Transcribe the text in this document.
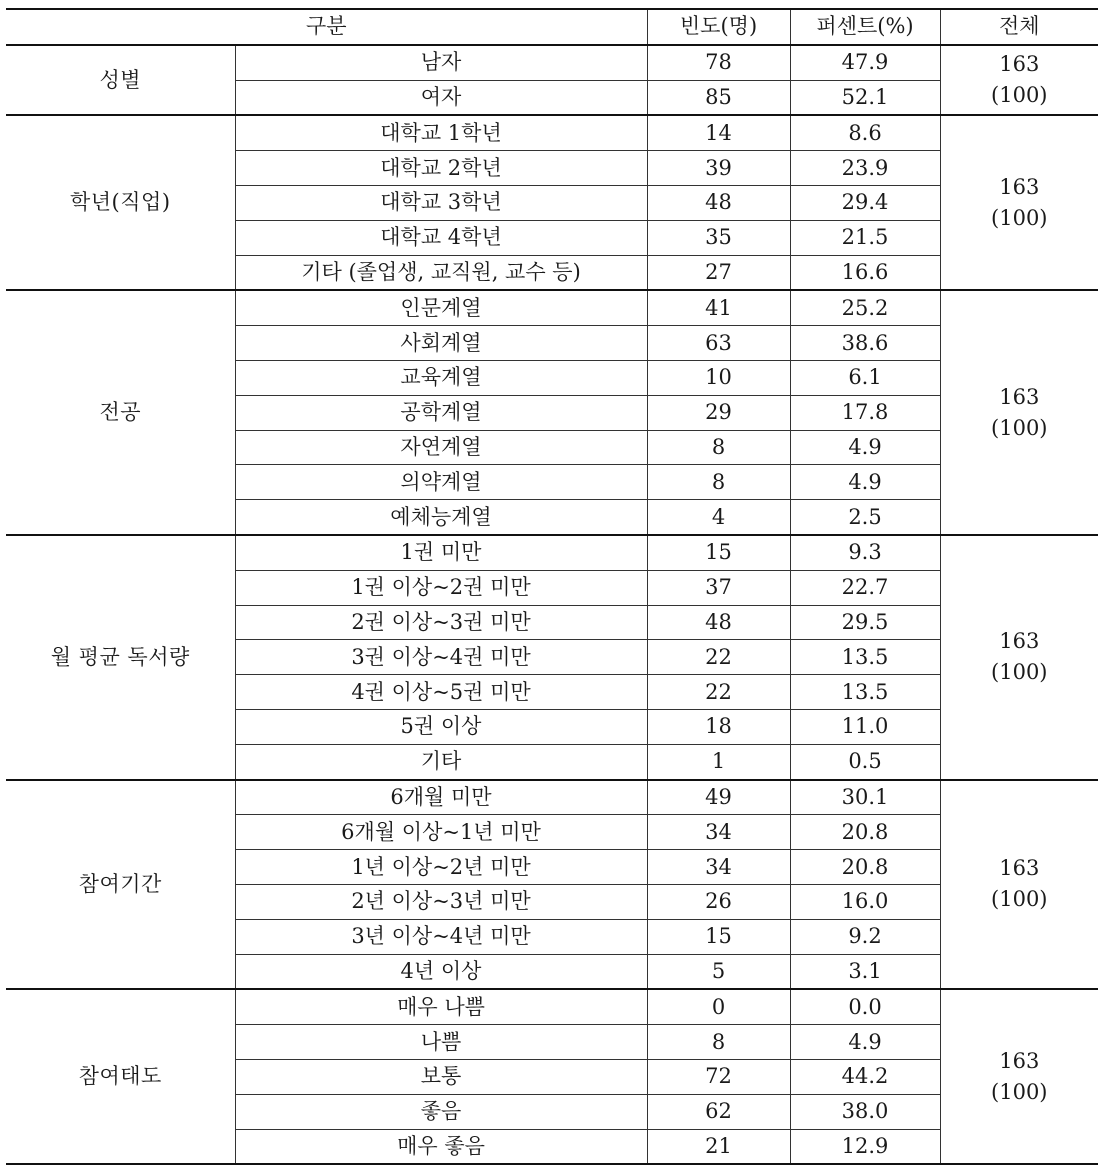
구분		빈도(명)	퍼센트(%)	전체
성별	남자	78	47.9	163
(100)

	여자	85	52.1	
학년(직업)	대학교 1학년	14	8.6	163
(100)

	대학교 2학년	39	23.9	
	대학교 3학년	48	29.4	
	대학교 4학년	35	21.5	
	기타 (졸업생, 교직원, 교수 등)	27	16.6	
전공	인문계열	41	25.2	163
(100)

	사회계열	63	38.6	
	교육계열	10	6.1	
	공학계열	29	17.8	
	자연계열	8	4.9	
	의약계열	8	4.9	
	예체능계열	4	2.5	
월 평균 독서량	1권 미만	15	9.3	163
(100)

	1권 이상~2권 미만	37	22.7	
	2권 이상~3권 미만	48	29.5	
	3권 이상~4권 미만	22	13.5	
	4권 이상~5권 미만	22	13.5	
	5권 이상	18	11.0	
	기타	1	0.5	
참여기간	6개월 미만	49	30.1	163
(100)

	6개월 이상~1년 미만	34	20.8	
	1년 이상~2년 미만	34	20.8	
	2년 이상~3년 미만	26	16.0	
	3년 이상~4년 미만	15	9.2	
	4년 이상	5	3.1	
참여태도	매우 나쁨	0	0.0	163
(100)

	나쁨	8	4.9	
	보통	72	44.2	
	좋음	62	38.0	
	매우 좋음	21	12.9	
